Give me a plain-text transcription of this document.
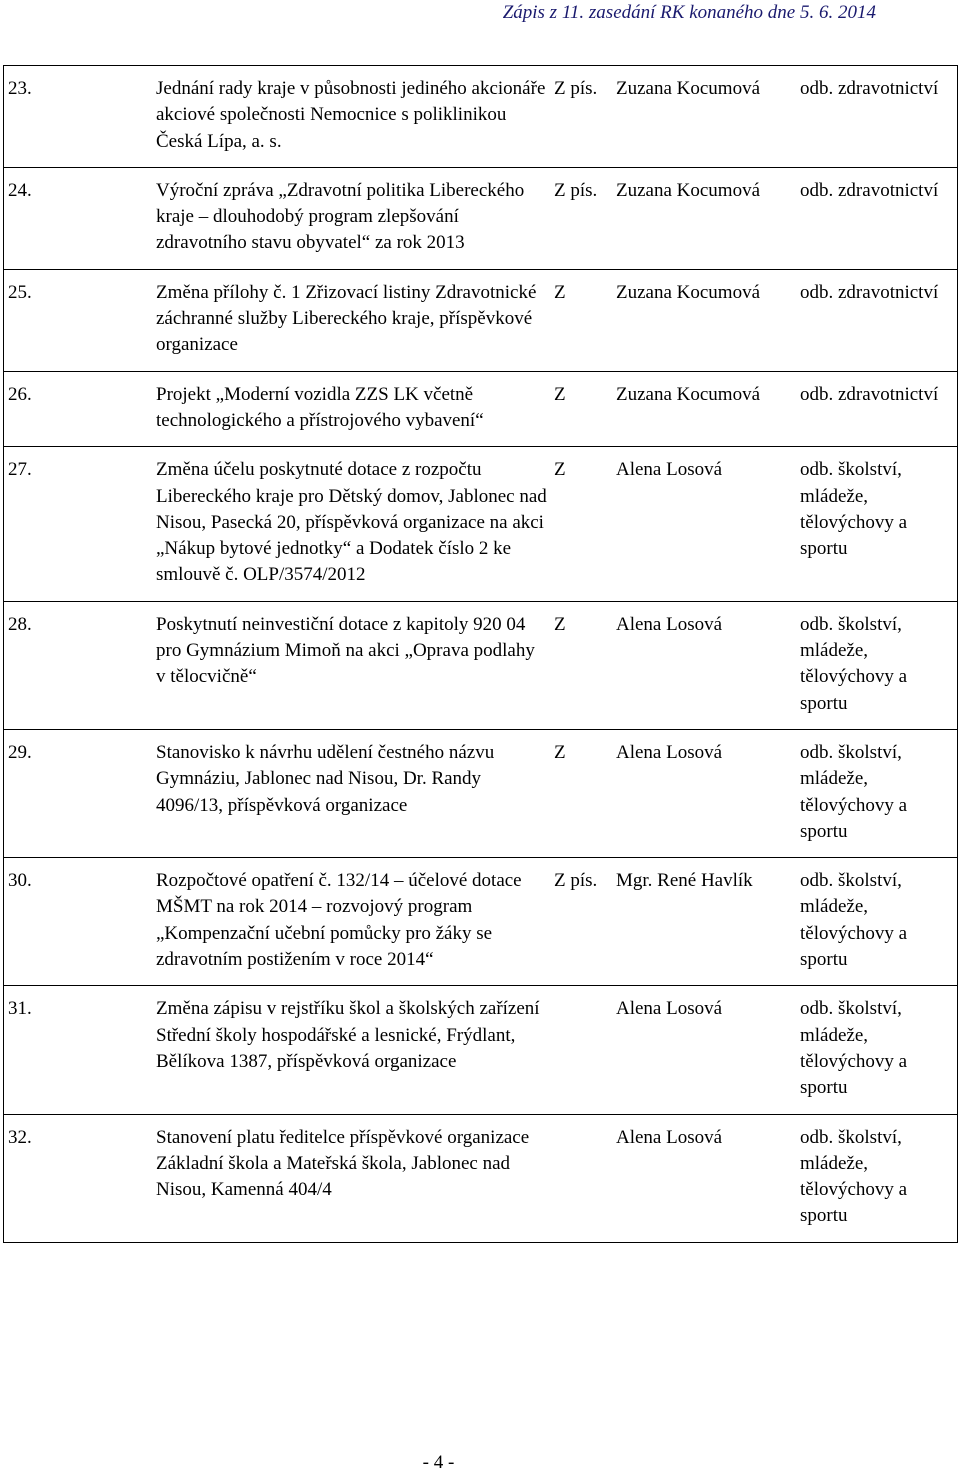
Zápis z 11. zasedání RK konaného dne 5. 6. 2014
23.	Jednání rady kraje v působnosti jediného akcionáře akciové společnosti Nemocnice s poliklinikou Česká Lípa, a. s.	Z pís.	Zuzana Kocumová	odb. zdravotnictví
24.	Výroční zpráva „Zdravotní politika Libereckého kraje – dlouhodobý program zlepšování zdravotního stavu obyvatel“ za rok 2013	Z pís.	Zuzana Kocumová	odb. zdravotnictví
25.	Změna přílohy č. 1 Zřizovací listiny Zdravotnické záchranné služby Libereckého kraje, příspěvkové organizace	Z	Zuzana Kocumová	odb. zdravotnictví
26.	Projekt „Moderní vozidla ZZS LK včetně technologického a přístrojového vybavení“	Z	Zuzana Kocumová	odb. zdravotnictví
27.	Změna účelu poskytnuté dotace z rozpočtu Libereckého kraje pro Dětský domov, Jablonec nad Nisou, Pasecká 20, příspěvková organizace na akci „Nákup bytové jednotky“ a Dodatek číslo 2 ke smlouvě č. OLP/3574/2012	Z	Alena Losová	odb. školství, mládeže, tělovýchovy a sportu
28.	Poskytnutí neinvestiční dotace z kapitoly 920 04 pro Gymnázium Mimoň na akci „Oprava podlahy v tělocvičně“	Z	Alena Losová	odb. školství, mládeže, tělovýchovy a sportu
29.	Stanovisko k návrhu udělení čestného názvu Gymnáziu, Jablonec nad Nisou, Dr. Randy 4096/13, příspěvková organizace	Z	Alena Losová	odb. školství, mládeže, tělovýchovy a sportu
30.	Rozpočtové opatření č. 132/14 – účelové dotace MŠMT na rok 2014 – rozvojový program „Kompenzační učební pomůcky pro žáky se zdravotním postižením v roce 2014“	Z pís.	Mgr. René Havlík	odb. školství, mládeže, tělovýchovy a sportu
31.	Změna zápisu v rejstříku škol a školských zařízení Střední školy hospodářské a lesnické, Frýdlant, Bělíkova 1387, příspěvková organizace		Alena Losová	odb. školství, mládeže, tělovýchovy a sportu
32.	Stanovení platu ředitelce příspěvkové organizace Základní škola a Mateřská škola, Jablonec nad Nisou, Kamenná 404/4		Alena Losová	odb. školství, mládeže, tělovýchovy a sportu
- 4 -
